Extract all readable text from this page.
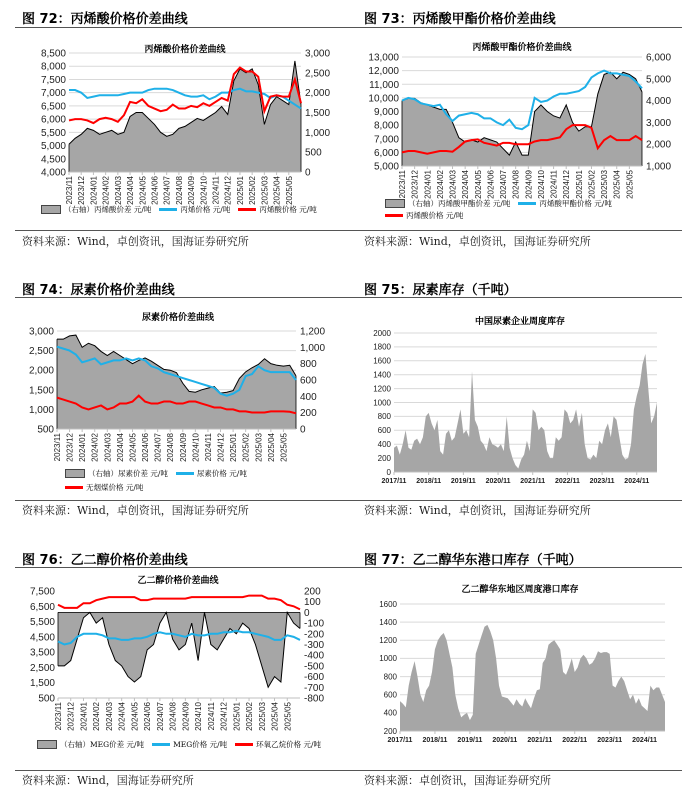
8,500
8,000
7,500
7,000
6,500
6,000
5,500
5,000
4,500
4,000
3,000
2,500
2,000
1,500
1,000
500
0
2023/11 2023/12 2024/01 2024/02 2024/03 2024/04 2024/05 2024/06 2024/07 2024/08 2024/09 2024/10 2024/11 2024/12 2025/01 2025/02 2025/03 2025/04 2025/05
13,000
12,000
11,000
10,000
9,000
8,000
7,000
6,000
5,000
6,000
5,000
4,000
3,000
2,000
1,000
2023/11 2023/12 2024/01 2024/02 2024/03 2024/04 2024/05 2024/06 2024/07 2024/08 2024/09 2024/10 2024/11 2024/12 2025/01 2025/02 2025/03 2025/04 2025/05
3,000
2,500
2,000
1,500
1,000
500
1,200
1,000
800
600
400
200
0
2023/11 2023/12 2024/01 2024/02 2024/03 2024/04 2024/05 2024/06 2024/07 2024/08 2024/09 2024/10 2024/11 2024/12 2025/01 2025/02 2025/03 2025/04 2025/05
2000
1800
1600
1400
1200
1000
800
600
400
200
0
2017/11 2018/11 2019/11 2020/11 2021/11 2022/11 2023/11 2024/11
7,500
6,500
5,500
4,500
3,500
2,500
1,500
500
200
100
0
-100
-200
-300
-400
-500
-600
-700
-800
2023/11 2023/12 2024/01 2024/02 2024/03 2024/04 2024/05 2024/06 2024/07 2024/08 2024/09 2024/10 2024/11 2024/12 2025/01 2025/02 2025/03 2025/04 2025/05
1600
1400
1200
1000
800
600
400
200
2017/11 2018/11 2019/11 2020/11 2021/11 2022/11 2023/11 2024/11
图 72：丙烯酸价格价差曲线
丙烯酸价格价差曲线
（右轴）丙烯酸价差 元/吨	丙烯价格 元/吨	丙烯酸价格 元/吨
资料来源：Wind，卓创资讯，国海证券研究所
图 73：丙烯酸甲酯价格价差曲线
丙烯酸甲酯价格价差曲线
（右轴）丙烯酸甲酯价差 元/吨	丙烯酸甲酯价格 元/吨
丙烯酸价格 元/吨
资料来源：Wind，卓创资讯，国海证券研究所
图 74：尿素价格价差曲线
尿素价格价差曲线
（右轴）尿素价差 元/吨	尿素价格 元/吨
无烟煤价格 元/吨
资料来源：Wind，卓创资讯，国海证券研究所
图 75：尿素库存（千吨）
中国尿素企业周度库存
资料来源：Wind，卓创资讯，国海证券研究所
图 76：乙二醇价格价差曲线
乙二醇价格价差曲线
（右轴）MEG价差 元/吨	MEG价格 元/吨	环氧乙烷价格 元/吨
资料来源：Wind，国海证券研究所
图 77：乙二醇华东港口库存（千吨）
乙二醇华东地区周度港口库存
资料来源：卓创资讯，国海证券研究所
